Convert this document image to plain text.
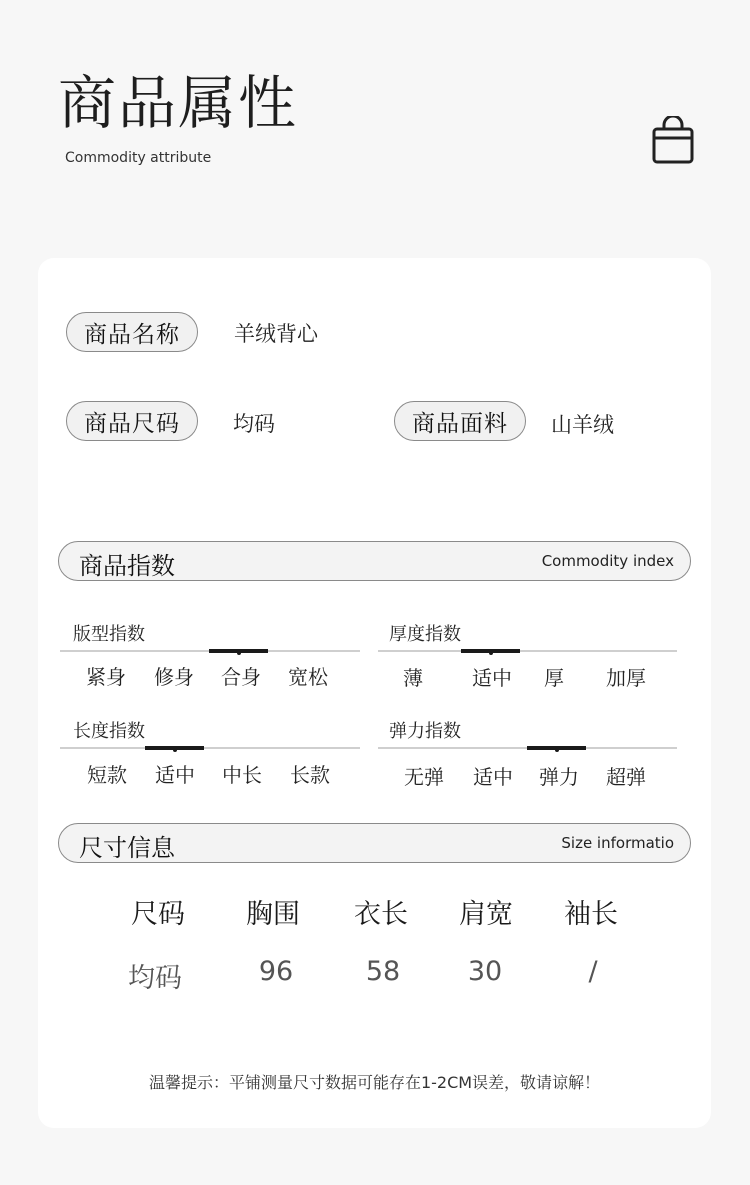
商品属性
Commodity attribute
商品名称	羊绒背心
商品尺码	均码	商品面料	山羊绒
商品指数	Commodity index
版型指数
紧身	修身	合身	宽松
厚度指数
薄	适中	厚	加厚
长度指数
短款	适中	中长	长款
弹力指数
无弹	适中	弹力	超弹
尺寸信息	Size informatio
尺码	胸围	衣长	肩宽	袖长
均码	96	58	30	/
温馨提示：平铺测量尺寸数据可能存在1-2CM误差，敬请谅解！
